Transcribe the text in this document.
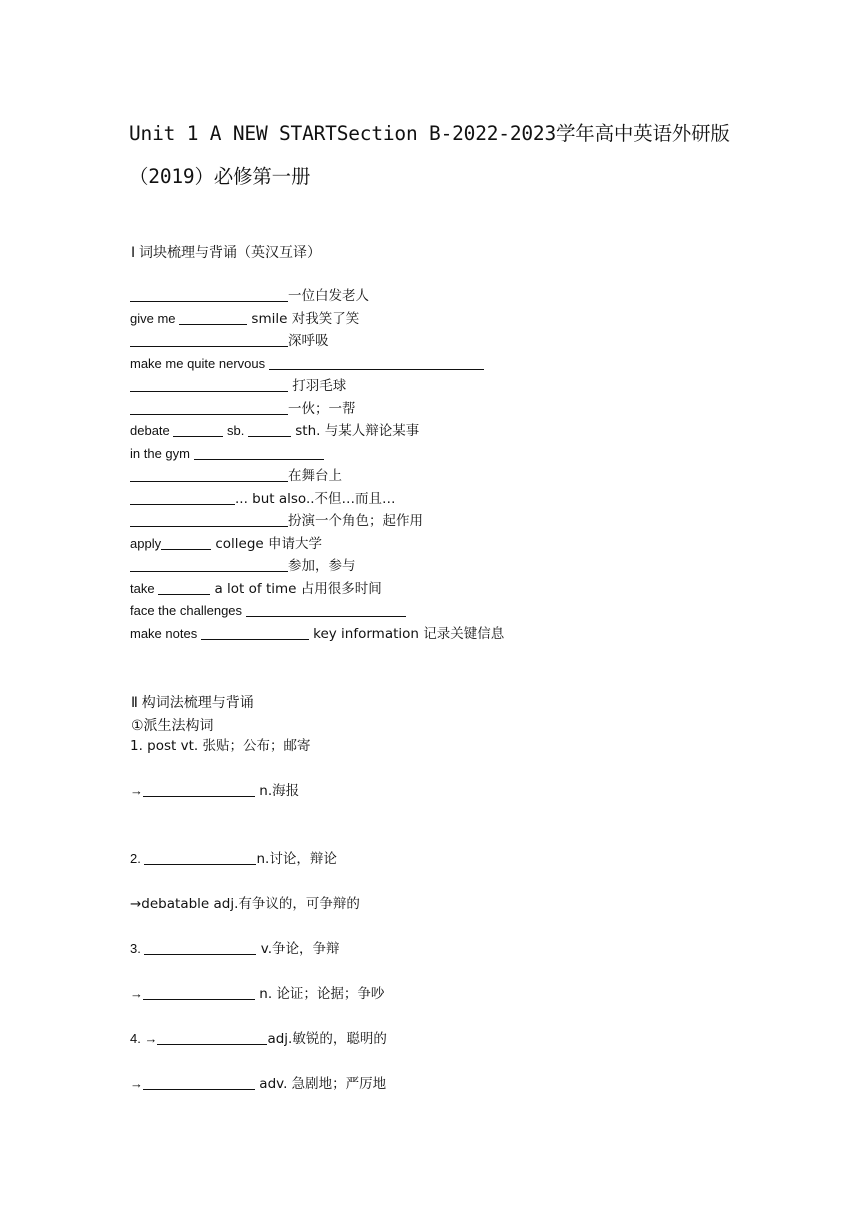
Unit 1 A NEW STARTSection B-2022-2023学年高中英语外研版（2019）必修第一册
Ⅰ 词块梳理与背诵（英汉互译）
一位白发老人
give me	smile 对我笑了笑
深呼吸
make me quite nervous
打羽毛球
一伙；一帮
debate	sb.	sth. 与某人辩论某事
in the gym
在舞台上
... but also..不但…而且…
扮演一个角色；起作用
apply	college 申请大学
参加，参与
take	a lot of time 占用很多时间
face the challenges
make notes	key information 记录关键信息
Ⅱ 构词法梳理与背诵
①派生法构词
1. post vt. 张贴；公布；邮寄
→	n.海报
2.	n.讨论，辩论
→debatable adj.有争议的，可争辩的
3.	v.争论，争辩
→	n. 论证；论据；争吵
4. →	adj.敏锐的，聪明的
→	adv. 急剧地；严厉地
